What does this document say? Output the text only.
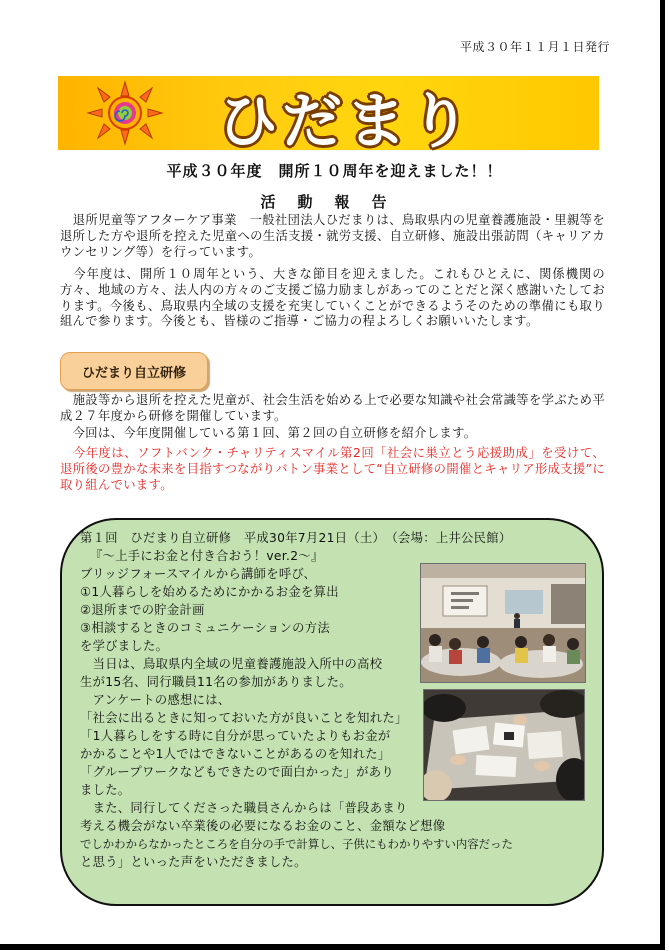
平成３０年１１月１日発行
ひだまり
平成３０年度　開所１０周年を迎えました！！
活動報告
　退所児童等アフターケア事業　一般社団法人ひだまりは、鳥取県内の児童養護施設・里親等を退所した方や退所を控えた児童への生活支援・就労支援、自立研修、施設出張訪問（キャリアカウンセリング等）を行っています。
　今年度は、開所１０周年という、大きな節目を迎えました。これもひとえに、関係機関の方々、地域の方々、法人内の方々のご支援ご協力励ましがあってのことだと深く感謝いたしております。今後も、鳥取県内全域の支援を充実していくことができるようそのための準備にも取り組んで参ります。今後とも、皆様のご指導・ご協力の程よろしくお願いいたします。
ひだまり自立研修
　施設等から退所を控えた児童が、社会生活を始める上で必要な知識や社会常識等を学ぶため平成２７年度から研修を開催しています。
　今回は、今年度開催している第１回、第２回の自立研修を紹介します。
　今年度は、ソフトバンク・チャリティスマイル第2回「社会に巣立とう応援助成」を受けて、退所後の豊かな未来を目指すつながりバトン事業として“自立研修の開催とキャリア形成支援”に取り組んでいます。
第１回　ひだまり自立研修　平成30年7月21日（土）　（会場：上井公民館）
『～上手にお金と付き合おう！ver.2～』
ブリッジフォースマイルから講師を呼び、
①1人暮らしを始めるためにかかるお金を算出
②退所までの貯金計画
③相談するときのコミュニケーションの方法
を学びました。
　当日は、鳥取県内全域の児童養護施設入所中の高校
生が15名、同行職員11名の参加がありました。
　アンケートの感想には、
「社会に出るときに知っておいた方が良いことを知れた」
「1人暮らしをする時に自分が思っていたよりもお金が
かかることや1人ではできないことがあるのを知れた」
「グループワークなどもできたので面白かった」があり
ました。
　また、同行してくださった職員さんからは「普段あまり
考える機会がない卒業後の必要になるお金のこと、金額など想像
でしかわからなかったところを自分の手で計算し、子供にもわかりやすい内容だった
と思う」といった声をいただきました。
